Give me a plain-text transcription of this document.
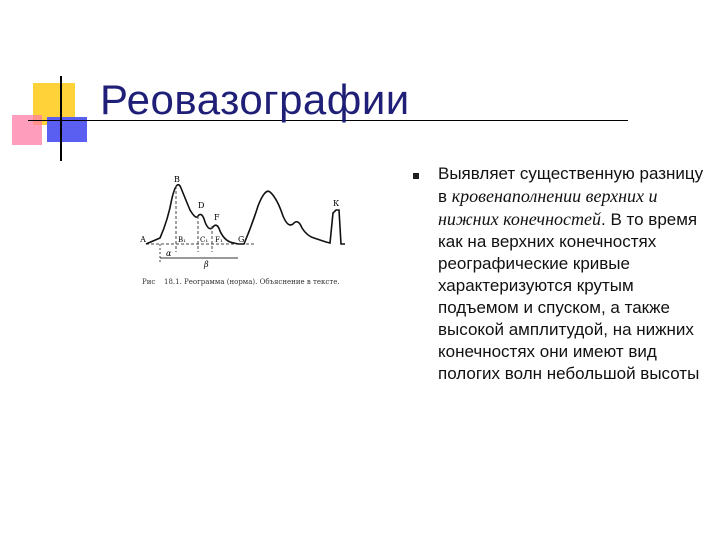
Реовазографии
В
D
F
А	В₁ С₁ F₁ G
К
α
β
Рис 18.1. Реограмма (норма). Объяснение в тексте.
Выявляет существенную разницу в кровенаполнении верхних и нижних конечностей. В то время как на верхних конечностях реографические кривые характеризуются крутым подъемом и спуском, а также высокой амплитудой, на нижних конечностях они имеют вид пологих волн небольшой высоты
